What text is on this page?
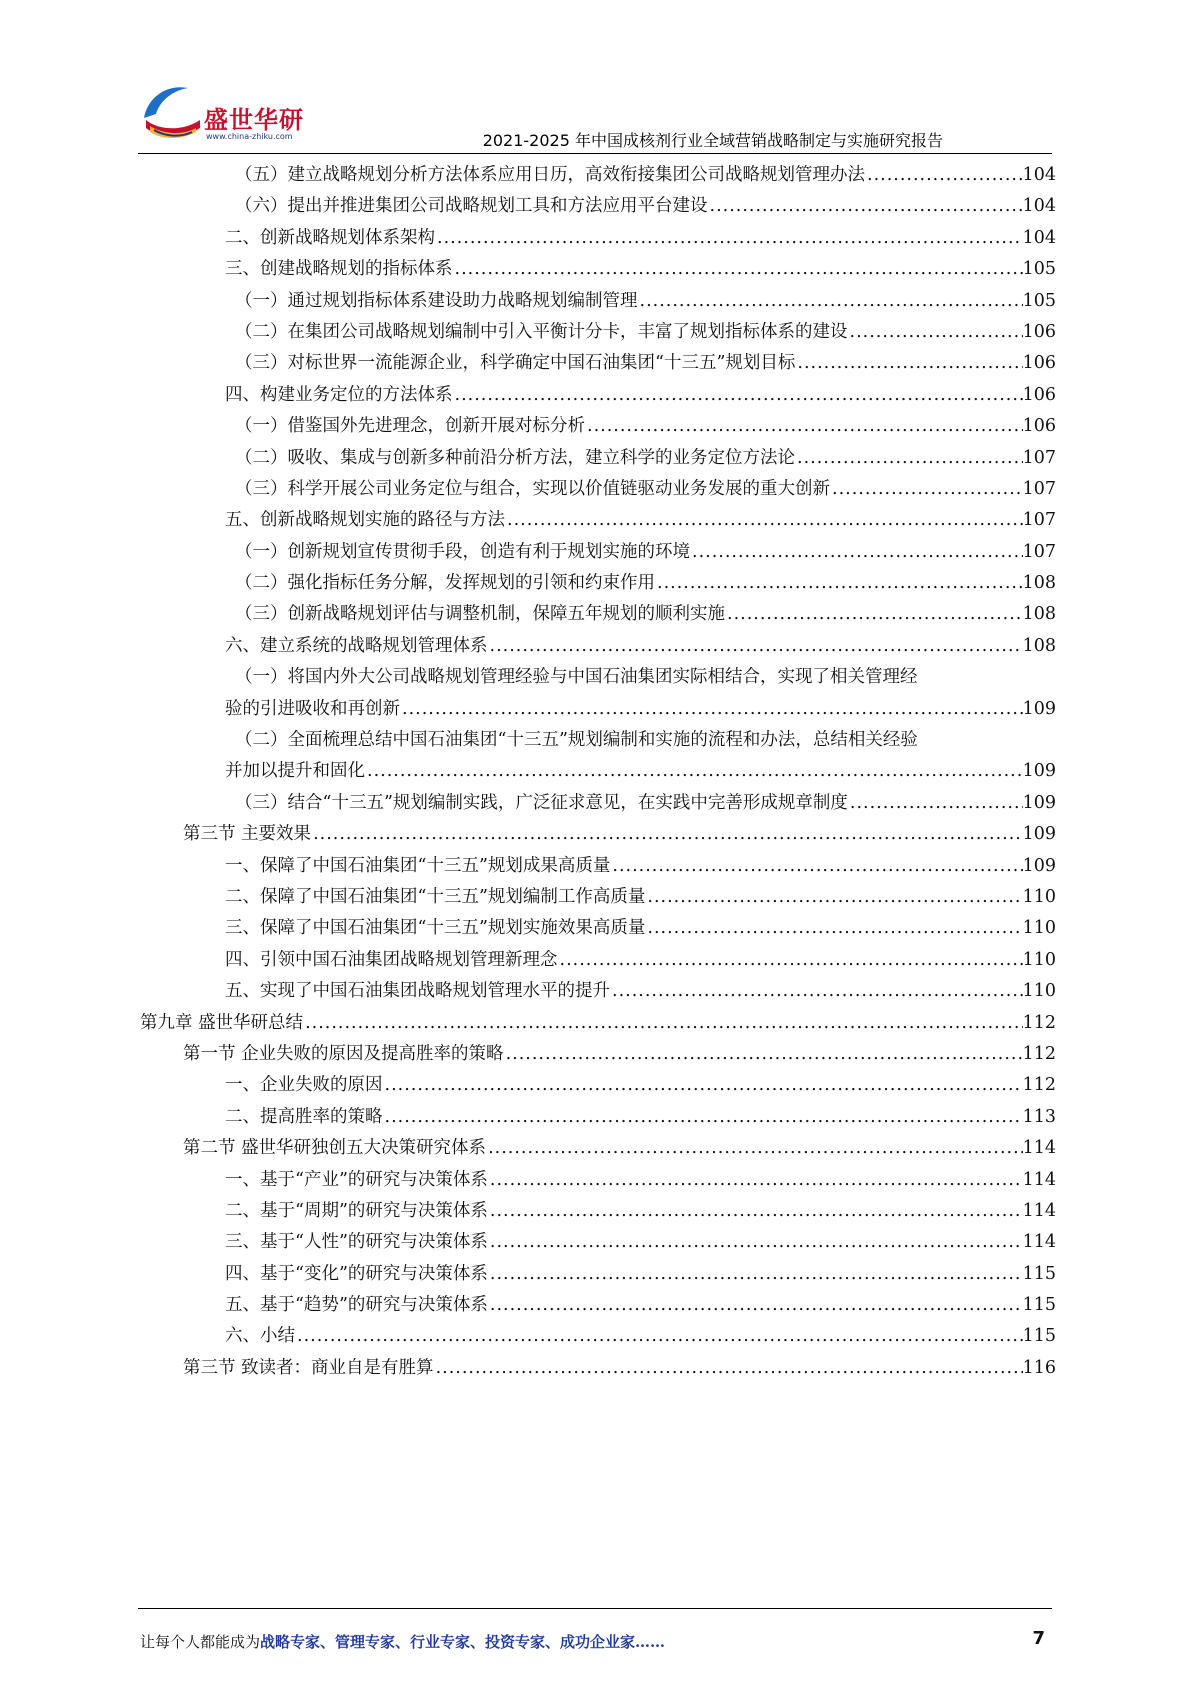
盛世华研
www.china-zhiku.com	2021-2025 年中国成核剂行业全域营销战略制定与实施研究报告
（五）建立战略规划分析方法体系应用日历，高效衔接集团公司战略规划管理办法 .....	104
（六）提出并推进集团公司战略规划工具和方法应用平台建设 .....	104
二、创新战略规划体系架构 .....	104
三、创建战略规划的指标体系 .....	105
（一）通过规划指标体系建设助力战略规划编制管理 .....	105
（二）在集团公司战略规划编制中引入平衡计分卡，丰富了规划指标体系的建设 .....	106
（三）对标世界一流能源企业，科学确定中国石油集团“十三五”规划目标 .....	106
四、构建业务定位的方法体系 .....	106
（一）借鉴国外先进理念，创新开展对标分析 .....	106
（二）吸收、集成与创新多种前沿分析方法，建立科学的业务定位方法论 .....	107
（三）科学开展公司业务定位与组合，实现以价值链驱动业务发展的重大创新 .....	107
五、创新战略规划实施的路径与方法 .....	107
（一）创新规划宣传贯彻手段，创造有利于规划实施的环境 .....	107
（二）强化指标任务分解，发挥规划的引领和约束作用 .....	108
（三）创新战略规划评估与调整机制，保障五年规划的顺利实施 .....	108
六、建立系统的战略规划管理体系 .....	108
（一）将国内外大公司战略规划管理经验与中国石油集团实际相结合，实现了相关管理经
验的引进吸收和再创新 .....	109
（二）全面梳理总结中国石油集团“十三五”规划编制和实施的流程和办法，总结相关经验
并加以提升和固化 .....	109
（三）结合“十三五”规划编制实践，广泛征求意见，在实践中完善形成规章制度 .....	109
第三节 主要效果 .....	109
一、保障了中国石油集团“十三五”规划成果高质量 .....	109
二、保障了中国石油集团“十三五”规划编制工作高质量 .....	110
三、保障了中国石油集团“十三五”规划实施效果高质量 .....	110
四、引领中国石油集团战略规划管理新理念 .....	110
五、实现了中国石油集团战略规划管理水平的提升 .....	110
第九章 盛世华研总结 .....	112
第一节 企业失败的原因及提高胜率的策略 .....	112
一、企业失败的原因 .....	112
二、提高胜率的策略 .....	113
第二节 盛世华研独创五大决策研究体系 .....	114
一、基于“产业”的研究与决策体系 .....	114
二、基于“周期”的研究与决策体系 .....	114
三、基于“人性”的研究与决策体系 .....	114
四、基于“变化”的研究与决策体系 .....	115
五、基于“趋势”的研究与决策体系 .....	115
六、小结 .....	115
第三节 致读者：商业自是有胜算 .....	116
让每个人都能成为战略专家、管理专家、行业专家、投资专家、成功企业家……	7
